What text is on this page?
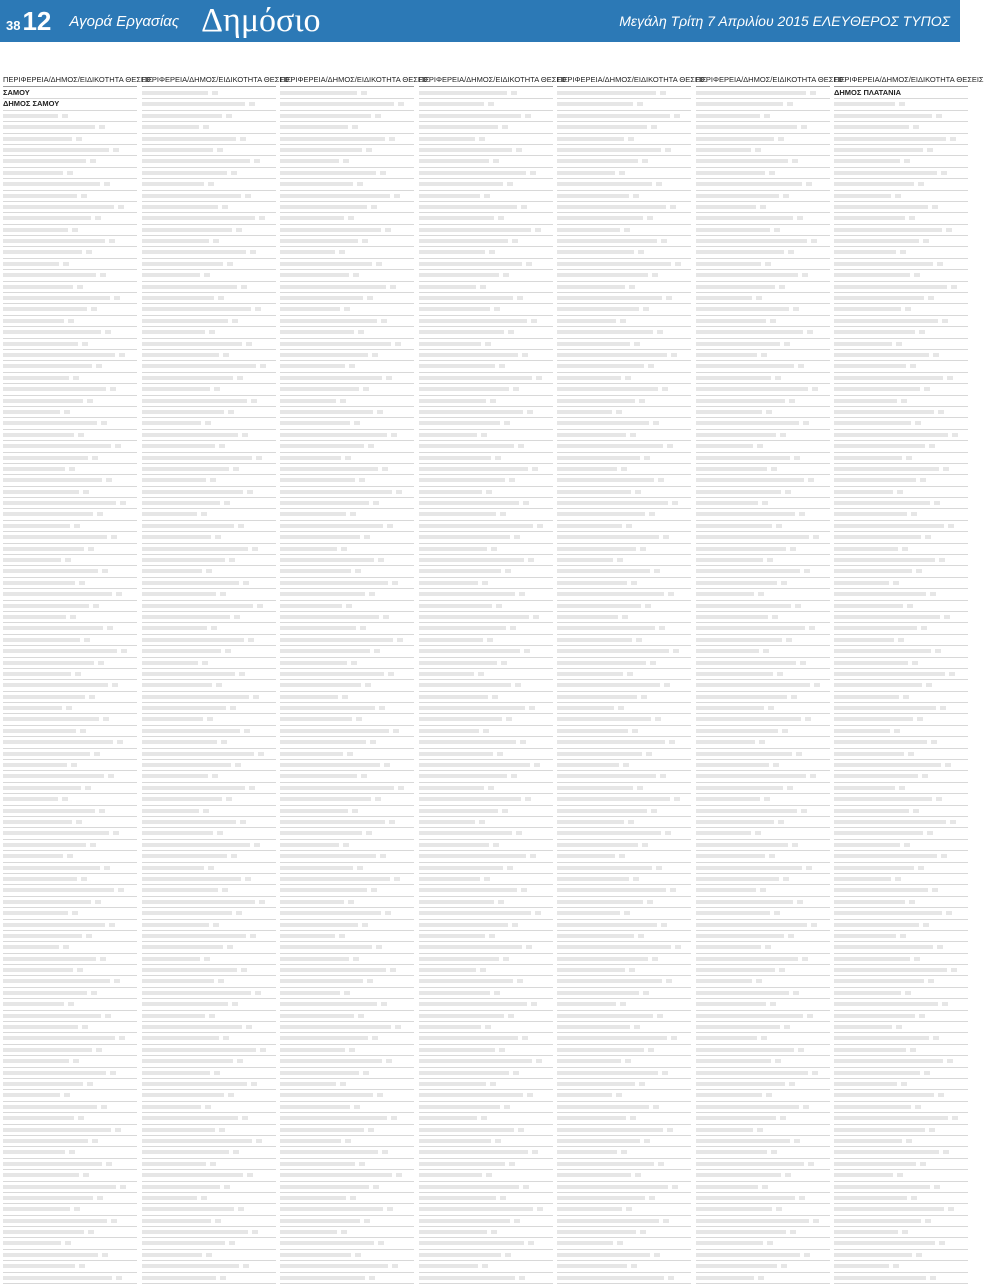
38 12 Αγορά Εργασίας Δημόσιο	Μεγάλη Τρίτη 7 Απριλίου 2015 ΕΛΕΥΘΕΡΟΣ ΤΥΠΟΣ
ΠΕΡΙΦΕΡΕΙΑ/ΔΗΜΟΣ/ΕΙΔΙΚΟΤΗΤΑ ΘΕΣΕΙΣ
ΣΑΜΟΥ
ΔΗΜΟΣ ΣΑΜΟΥ
ΠΕΡΙΦΕΡΕΙΑ/ΔΗΜΟΣ/ΕΙΔΙΚΟΤΗΤΑ ΘΕΣΕΙΣ
ΠΕΡΙΦΕΡΕΙΑ/ΔΗΜΟΣ/ΕΙΔΙΚΟΤΗΤΑ ΘΕΣΕΙΣ
ΠΕΡΙΦΕΡΕΙΑ/ΔΗΜΟΣ/ΕΙΔΙΚΟΤΗΤΑ ΘΕΣΕΙΣ
ΠΕΡΙΦΕΡΕΙΑ/ΔΗΜΟΣ/ΕΙΔΙΚΟΤΗΤΑ ΘΕΣΕΙΣ
ΠΕΡΙΦΕΡΕΙΑ/ΔΗΜΟΣ/ΕΙΔΙΚΟΤΗΤΑ ΘΕΣΕΙΣ
ΠΕΡΙΦΕΡΕΙΑ/ΔΗΜΟΣ/ΕΙΔΙΚΟΤΗΤΑ ΘΕΣΕΙΣ
ΔΗΜΟΣ ΠΛΑΤΑΝΙΑ
